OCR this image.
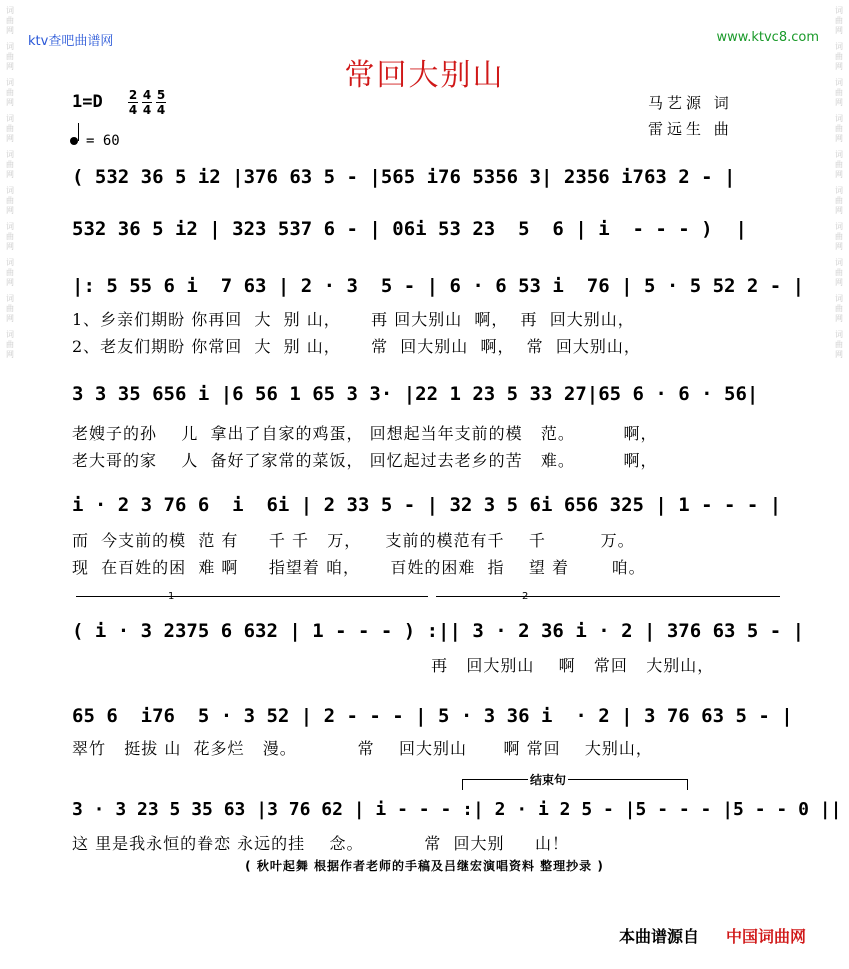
词
曲
网
词
曲
网
词
曲
网
词
曲
网
词
曲
网
词
曲
网
词
曲
网
词
曲
网
词
曲
网
词
曲
网
词
曲
网
词
曲
网
词
曲
网
词
曲
网
词
曲
网
词
曲
网
词
曲
网
词
曲
网
词
曲
网
词
曲
网
ktv查吧曲谱网	www.ktvc8.com
常回大别山
$1=D \frac{2}{4} \frac{4}{4} \frac{5}{4}$	马艺源 词
雷远生 曲
= 60
( 532 36 5 i2 |376 63 5 - |565 i76 5356 3| 2356 i763 2 - |
532 36 5 i2 | 323 537 6 - | 06i 53 23  5  6 | i  - - - )  |
|: 5 55 6 i  7 63 | 2 · 3  5 - | 6 · 6 53 i  76 | 5 · 5 52 2 - |
1、乡亲们期盼 你再回  大  别 山，     再 回大别山  啊，  再  回大别山，
2、老友们期盼 你常回  大  别 山，     常  回大别山  啊，  常  回大别山，
3 3 35 656 i |6 56 1 65 3 3· |22 1 23 5 33 27|65 6 · 6 · 56|
老嫂子的孙    儿  拿出了自家的鸡蛋， 回想起当年支前的模   范。        啊，
老大哥的家    人  备好了家常的菜饭， 回忆起过去老乡的苦   难。        啊，
i · 2 3 76 6  i  6i | 2 33 5 - | 32 3 5 6i 656 325 | 1 - - - |
而  今支前的模  范 有     千 千   万，    支前的模范有千    千         万。
现  在百姓的困  难 啊     指望着 咱，     百姓的困难  指    望 着       咱。
1	2
( i · 3 2375 6 632 | 1 - - - ) :|| 3 · 2 36 i · 2 | 376 63 5 - |
再   回大别山    啊   常回   大别山，
65 6  i76  5 · 3 52 | 2 - - - | 5 · 3 36 i  · 2 | 3 76 63 5 - |
翠竹   挺拔 山  花多烂   漫。          常    回大别山      啊 常回    大别山，
结束句
3 · 3 23 5 35 63 |3 76 62 | i - - - :| 2 · i 2 5 - |5 - - - |5 - - 0 ||
这 里是我永恒的眷恋 永远的挂    念。          常  回大别     山！
( 秋叶起舞 根据作者老师的手稿及吕继宏演唱资料 整理抄录 )
本曲谱源自 中国词曲网
